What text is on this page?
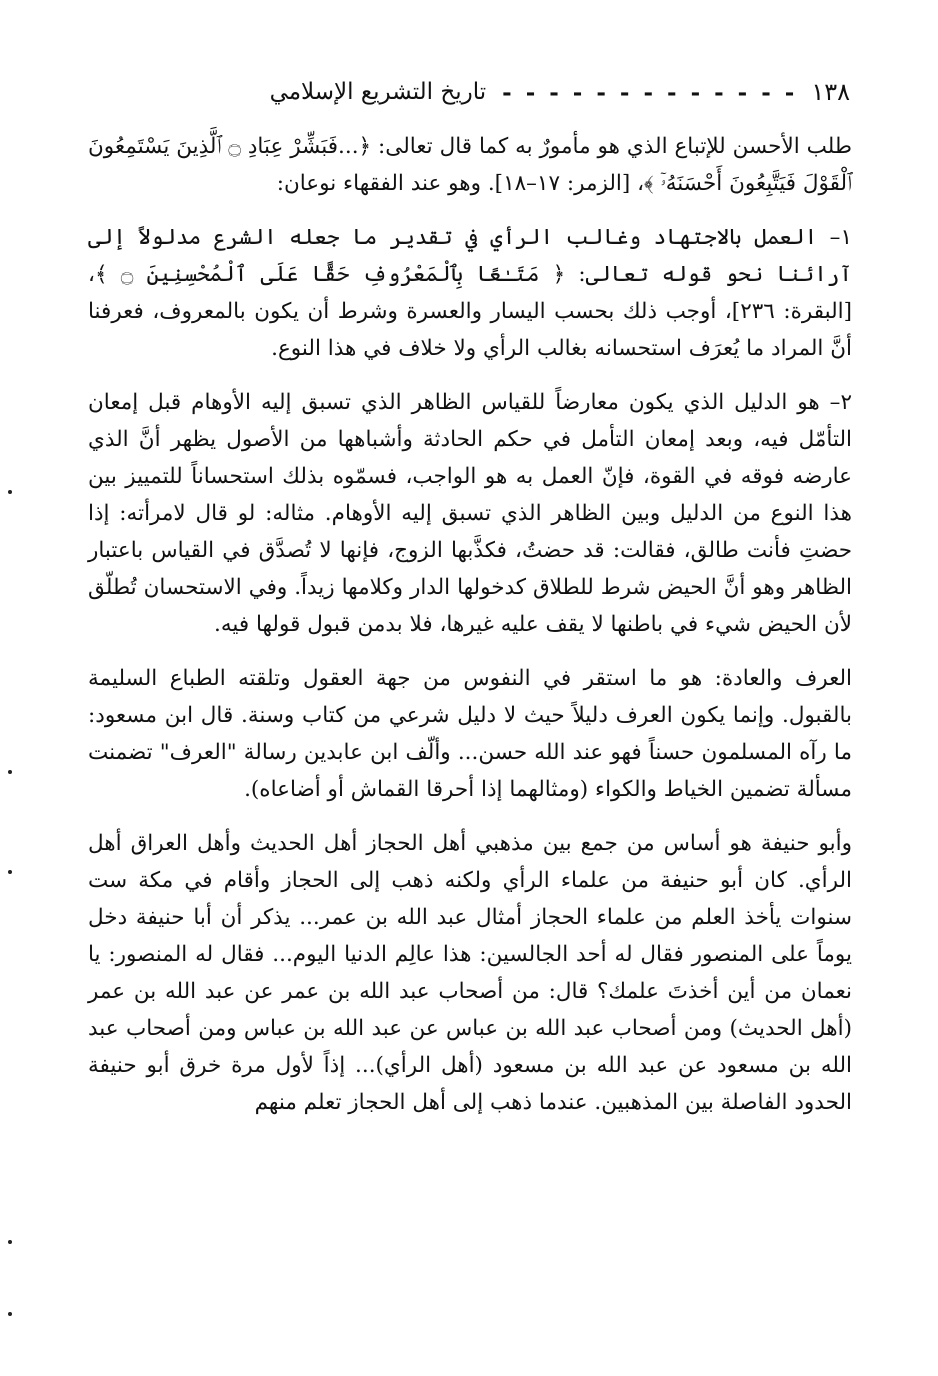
١٣٨
- - - - - - - - - - - - -
تاريخ التشريع الإسلامي

طلب الأحسن للإتباع الذي هو مأمورٌ به كما قال تعالى: ﴿...فَبَشِّرْ عِبَادِ ۝ ٱلَّذِينَ يَسْتَمِعُونَ ٱلْقَوْلَ فَيَتَّبِعُونَ أَحْسَنَهُۥٓ ﴾، [الزمر: ١٧–١٨]. وهو عند الفقهاء نوعان:

١– العمل بالاجتهاد وغالب الرأي في تقدير ما جعله الشرع مدلولاً إلى آرائنا نحو قوله تعالى: ﴿ مَتَـٰعًا بِٱلْمَعْرُوفِ حَقًّا عَلَى ٱلْمُحْسِنِينَ ۝ ﴾، [البقرة: ٢٣٦]، أوجب ذلك بحسب اليسار والعسرة وشرط أن يكون بالمعروف، فعرفنا أنَّ المراد ما يُعرَف استحسانه بغالب الرأي ولا خلاف في هذا النوع.

٢– هو الدليل الذي يكون معارضاً للقياس الظاهر الذي تسبق إليه الأوهام قبل إمعان التأمّل فيه، وبعد إمعان التأمل في حكم الحادثة وأشباهها من الأصول يظهر أنَّ الذي عارضه فوقه في القوة، فإنّ العمل به هو الواجب، فسمّوه بذلك استحساناً للتمييز بين هذا النوع من الدليل وبين الظاهر الذي تسبق إليه الأوهام. مثاله: لو قال لامرأته: إذا حضتِ فأنت طالق، فقالت: قد حضتُ، فكذَّبها الزوج، فإنها لا تُصدَّق في القياس باعتبار الظاهر وهو أنَّ الحيض شرط للطلاق كدخولها الدار وكلامها زيداً. وفي الاستحسان تُطلّق لأن الحيض شيء في باطنها لا يقف عليه غيرها، فلا بدمن قبول قولها فيه.

العرف والعادة: هو ما استقر في النفوس من جهة العقول وتلقته الطباع السليمة بالقبول. وإنما يكون العرف دليلاً حيث لا دليل شرعي من كتاب وسنة. قال ابن مسعود: ما رآه المسلمون حسناً فهو عند الله حسن... وألّف ابن عابدين رسالة "العرف" تضمنت مسألة تضمين الخياط والكواء (ومثالهما إذا أحرقا القماش أو أضاعاه).

وأبو حنيفة هو أساس من جمع بين مذهبي أهل الحجاز أهل الحديث وأهل العراق أهل الرأي. كان أبو حنيفة من علماء الرأي ولكنه ذهب إلى الحجاز وأقام في مكة ست سنوات يأخذ العلم من علماء الحجاز أمثال عبد الله بن عمر... يذكر أن أبا حنيفة دخل يوماً على المنصور فقال له أحد الجالسين: هذا عالِم الدنيا اليوم... فقال له المنصور: يا نعمان من أين أخذتَ علمك؟ قال: من أصحاب عبد الله بن عمر عن عبد الله بن عمر (أهل الحديث) ومن أصحاب عبد الله بن عباس عن عبد الله بن عباس ومن أصحاب عبد الله بن مسعود عن عبد الله بن مسعود (أهل الرأي)... إذاً لأول مرة خرق أبو حنيفة الحدود الفاصلة بين المذهبين. عندما ذهب إلى أهل الحجاز تعلم منهم
